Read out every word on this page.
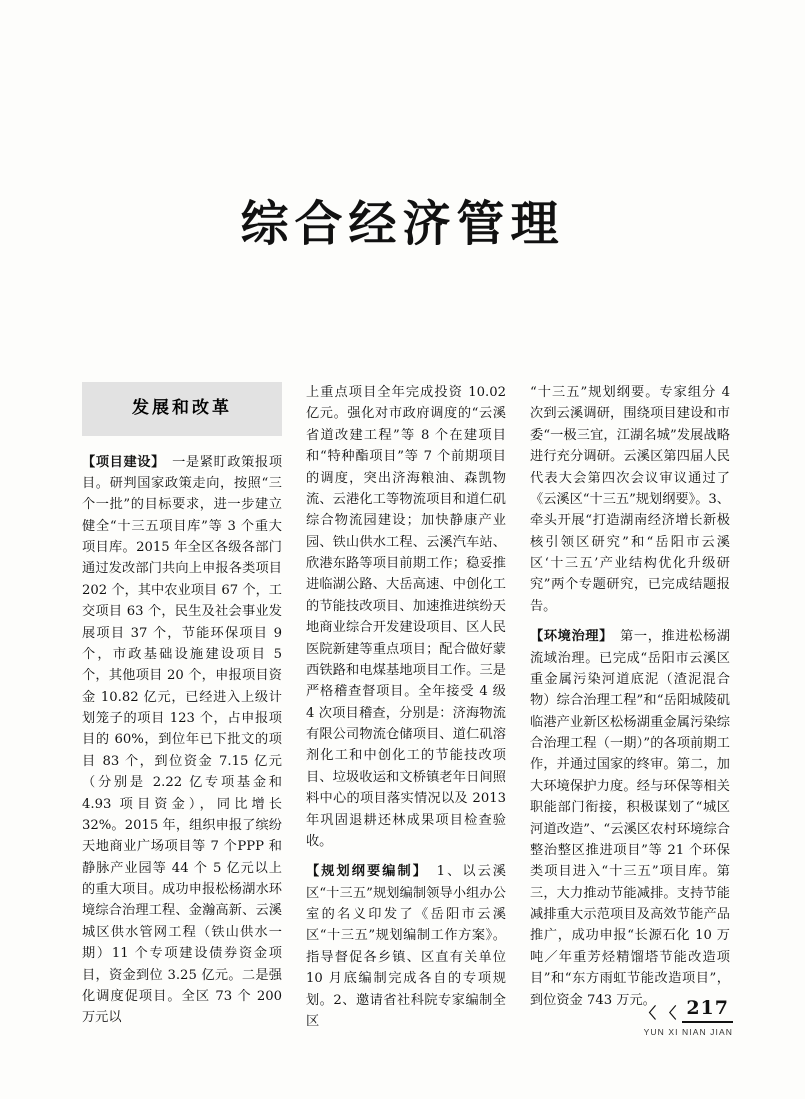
综合经济管理
发展和改革
【项目建设】　一是紧盯政策报项目。研判国家政策走向，按照“三个一批”的目标要求，进一步建立健全“十三五项目库”等 3 个重大项目库。2015 年全区各级各部门通过发改部门共向上申报各类项目 202 个，其中农业项目 67 个，工交项目 63 个，民生及社会事业发展项目 37 个，节能环保项目 9 个，市政基础设施建设项目 5 个，其他项目 20 个，申报项目资金 10.82 亿元，已经进入上级计划笼子的项目 123 个，占申报项目的 60%，到位年已下批文的项目 83 个，到位资金 7.15 亿元（分别是 2.22 亿专项基金和 4.93 项目资金），同比增长 32%。2015 年，组织申报了缤纷天地商业广场项目等 7 个PPP 和静脉产业园等 44 个 5 亿元以上的重大项目。成功申报松杨湖水环境综合治理工程、金瀚高新、云溪城区供水管网工程（铁山供水一期）11 个专项建设债券资金项目，资金到位 3.25 亿元。二是强化调度促项目。全区 73 个 200 万元以
上重点项目全年完成投资 10.02 亿元。强化对市政府调度的“云溪省道改建工程”等 8 个在建项目和“特种酯项目”等 7 个前期项目的调度，突出济海粮油、森凯物流、云港化工等物流项目和道仁矶综合物流园建设；加快静康产业园、铁山供水工程、云溪汽车站、欣港东路等项目前期工作；稳妥推进临湖公路、大岳高速、中创化工的节能技改项目、加速推进缤纷天地商业综合开发建设项目、区人民医院新建等重点项目；配合做好蒙西铁路和电煤基地项目工作。三是严格稽查督项目。全年接受 4 级 4 次项目稽查，分别是：济海物流有限公司物流仓储项目、道仁矶溶剂化工和中创化工的节能技改项目、垃圾收运和文桥镇老年日间照料中心的项目落实情况以及 2013 年巩固退耕还林成果项目检查验收。
【规划纲要编制】　1、以云溪区“十三五”规划编制领导小组办公室的名义印发了《岳阳市云溪区“十三五”规划编制工作方案》。指导督促各乡镇、区直有关单位 10 月底编制完成各自的专项规划。2、邀请省社科院专家编制全区
“十三五”规划纲要。专家组分 4 次到云溪调研，围绕项目建设和市委“一极三宜，江湖名城”发展战略进行充分调研。云溪区第四届人民代表大会第四次会议审议通过了《云溪区“十三五”规划纲要》。3、牵头开展“打造湖南经济增长新极核引领区研究”和“岳阳市云溪区‘十三五’产业结构优化升级研究”两个专题研究，已完成结题报告。
【环境治理】　第一，推进松杨湖流域治理。已完成“岳阳市云溪区重金属污染河道底泥（渣泥混合物）综合治理工程”和“岳阳城陵矶临港产业新区松杨湖重金属污染综合治理工程（一期）”的各项前期工作，并通过国家的终审。第二，加大环境保护力度。经与环保等相关职能部门衔接，积极谋划了“城区河道改造”、“云溪区农村环境综合整治整区推进项目”等 21 个环保类项目进入“十三五”项目库。第三，大力推动节能减排。支持节能减排重大示范项目及高效节能产品推广，成功申报“长源石化 10 万吨／年重芳烃精馏塔节能改造项目”和“东方雨虹节能改造项目”，到位资金 743 万元。
〈 〈 217
YUN XI NIAN JIAN
